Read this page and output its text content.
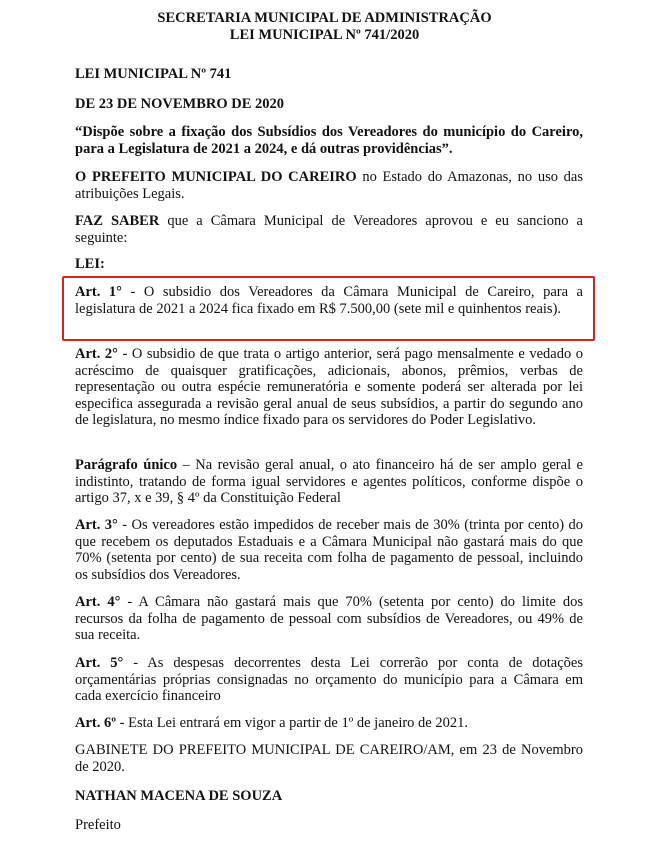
SECRETARIA MUNICIPAL DE ADMINISTRAÇÃO
LEI MUNICIPAL Nº 741/2020
LEI MUNICIPAL Nº 741
DE 23 DE NOVEMBRO DE 2020
“Dispõe sobre a fixação dos Subsídios dos Vereadores do município do Careiro, para a Legislatura de 2021 a 2024, e dá outras providências”.
O PREFEITO MUNICIPAL DO CAREIRO no Estado do Amazonas, no uso das atribuições Legais.
FAZ SABER que a Câmara Municipal de Vereadores aprovou e eu sanciono a seguinte:
LEI:
Art. 1° - O subsidio dos Vereadores da Câmara Municipal de Careiro, para a legislatura de 2021 a 2024 fica fixado em R$ 7.500,00 (sete mil e quinhentos reais).
Art. 2° - O subsidio de que trata o artigo anterior, será pago mensalmente e vedado o acréscimo de quaisquer gratificações, adicionais, abonos, prêmios, verbas de representação ou outra espécie remuneratória e somente poderá ser alterada por lei especifica assegurada a revisão geral anual de seus subsídios, a partir do segundo ano de legislatura, no mesmo índice fixado para os servidores do Poder Legislativo.
Parágrafo único – Na revisão geral anual, o ato financeiro há de ser amplo geral e indistinto, tratando de forma igual servidores e agentes políticos, conforme dispõe o artigo 37, x e 39, § 4º da Constituição Federal
Art. 3° - Os vereadores estão impedidos de receber mais de 30% (trinta por cento) do que recebem os deputados Estaduais e a Câmara Municipal não gastará mais do que 70% (setenta por cento) de sua receita com folha de pagamento de pessoal, incluindo os subsídios dos Vereadores.
Art. 4° - A Câmara não gastará mais que 70% (setenta por cento) do limite dos recursos da folha de pagamento de pessoal com subsídios de Vereadores, ou 49% de sua receita.
Art. 5° - As despesas decorrentes desta Lei correrão por conta de dotações orçamentárias próprias consignadas no orçamento do município para a Câmara em cada exercício financeiro
Art. 6º - Esta Lei entrará em vigor a partir de 1º de janeiro de 2021.
GABINETE DO PREFEITO MUNICIPAL DE CAREIRO/AM, em 23 de Novembro de 2020.
NATHAN MACENA DE SOUZA
Prefeito
